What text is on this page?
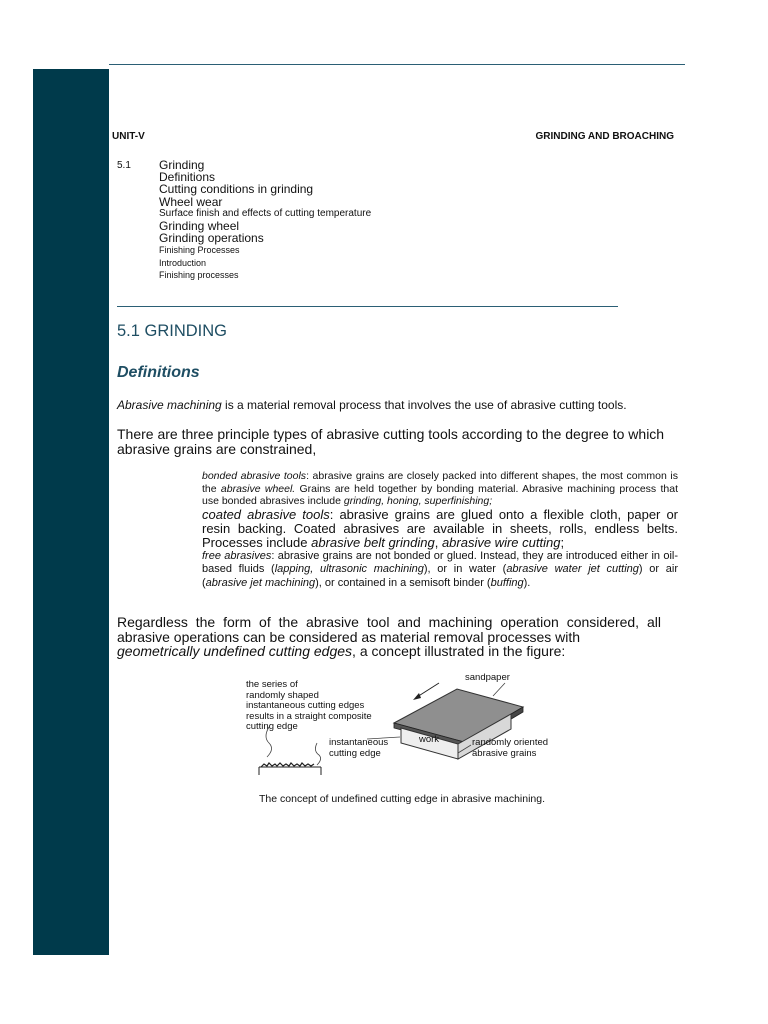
UNIT-V	GRINDING AND BROACHING
5.1 Grinding
Definitions
Cutting conditions in grinding
Wheel wear
Surface finish and effects of cutting temperature
Grinding wheel
Grinding operations
Finishing Processes
Introduction
Finishing processes
5.1 GRINDING
Definitions
Abrasive machining is a material removal process that involves the use of abrasive cutting tools.
There are three principle types of abrasive cutting tools according to the degree to which abrasive grains are constrained,
bonded abrasive tools: abrasive grains are closely packed into different shapes, the most common is the abrasive wheel. Grains are held together by bonding material. Abrasive machining process that use bonded abrasives include grinding, honing, superfinishing;
coated abrasive tools: abrasive grains are glued onto a flexible cloth, paper or resin backing. Coated abrasives are available in sheets, rolls, endless belts. Processes include abrasive belt grinding, abrasive wire cutting;
free abrasives: abrasive grains are not bonded or glued. Instead, they are introduced either in oil-based fluids (lapping, ultrasonic machining), or in water (abrasive water jet cutting) or air (abrasive jet machining), or contained in a semisoft binder (buffing).
Regardless the form of the abrasive tool and machining operation considered, all abrasive operations can be considered as material removal processes with
geometrically undefined cutting edges, a concept illustrated in the figure:
the series of
randomly shaped
instantaneous cutting edges
results in a straight composite
cutting edge
instantaneous
cutting edge
sandpaper
work	randomly oriented
abrasive grains
The concept of undefined cutting edge in abrasive machining.
